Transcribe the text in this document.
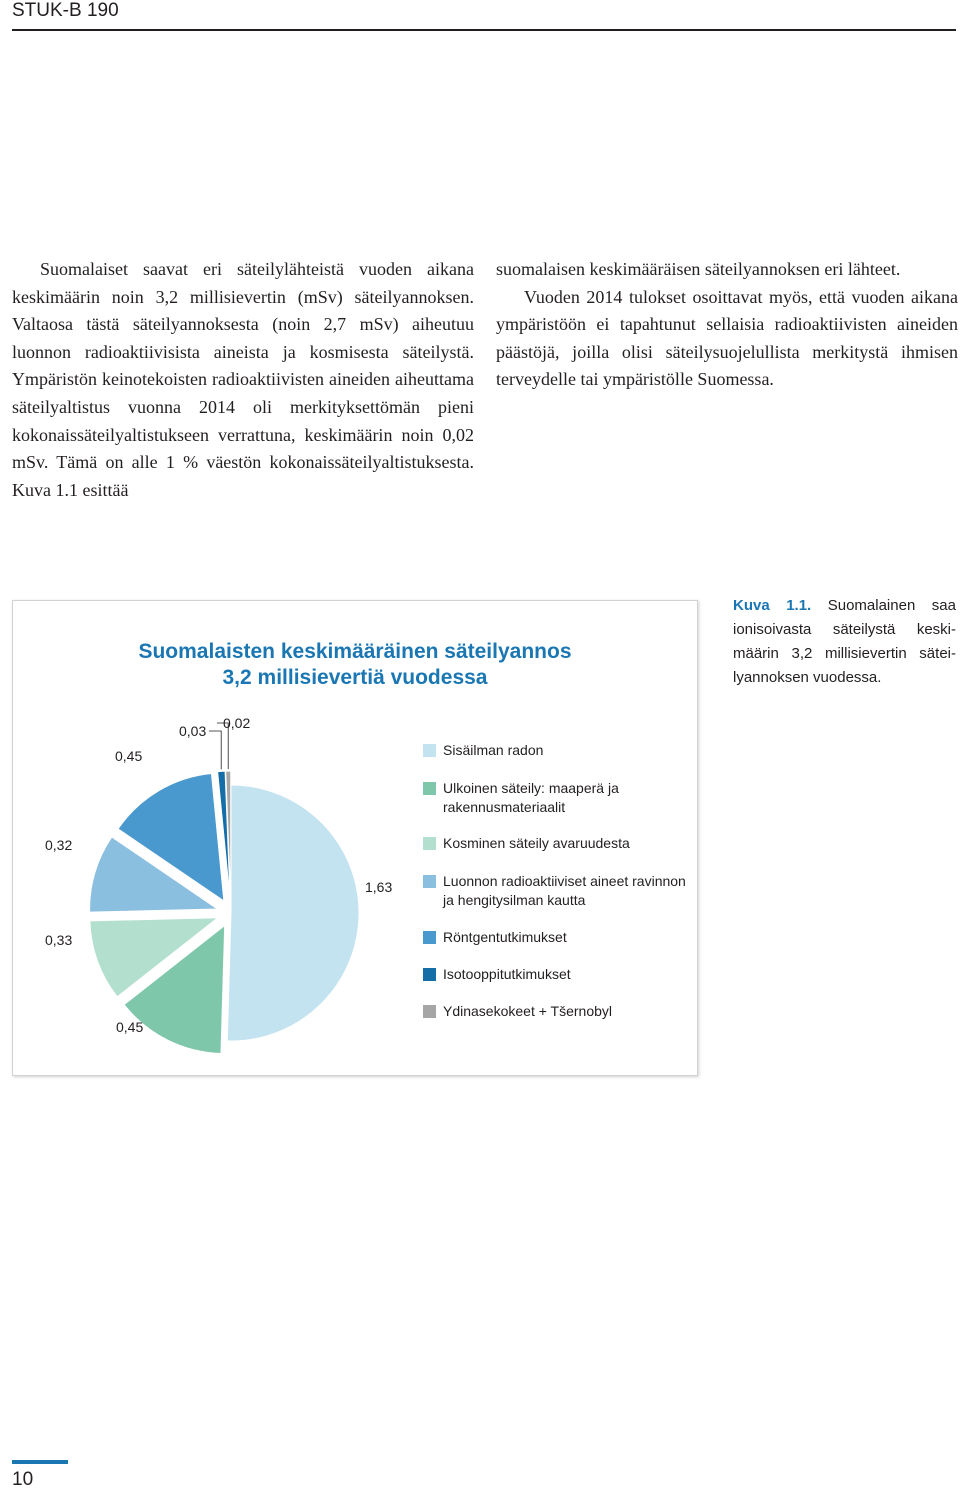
STUK-B 190

Suomalaiset saavat eri säteilylähteistä vuoden aikana keskimäärin noin 3,2 millisievertin (mSv) säteilyannoksen. Valtaosa tästä säteilyannoksesta (noin 2,7 mSv) aiheutuu luonnon radioaktiivisista aineista ja kosmisesta säteilystä. Ympäristön keinotekoisten radioaktiivisten aineiden aiheuttama säteilyaltistus vuonna 2014 oli merkityksettömän pieni kokonaissäteilyaltistukseen verrattuna, keskimäärin noin 0,02 mSv. Tämä on alle 1 % väestön kokonaissäteilyaltistuksesta. Kuva 1.1 esittää

suomalaisen keskimääräisen säteilyannoksen eri lähteet.

Vuoden 2014 tulokset osoittavat myös, että vuoden aikana ympäristöön ei tapahtunut sellaisia radioaktiivisten aineiden päästöjä, joilla olisi säteilysuojelullista merkitystä ihmisen terveydelle tai ympäristölle Suomessa.

Suomalaisten keskimääräinen säteilyannos
3,2 millisievertiä vuodessa
1,63
0,45
0,33
0,32
0,45
0,03 0,02
Sisäilman radon
Ulkoinen säteily: maaperä ja rakennusmateriaalit
Kosminen säteily avaruudesta
Luonnon radioaktiiviset aineet ravinnon ja hengitysilman kautta
Röntgentutkimukset
Isotooppitutkimukset
Ydinasekokeet + Tšernobyl
Kuva 1.1. Suomalainen saa ionisoivasta säteilystä keskimäärin 3,2 millisievertin säteilyannoksen vuodessa.
10
